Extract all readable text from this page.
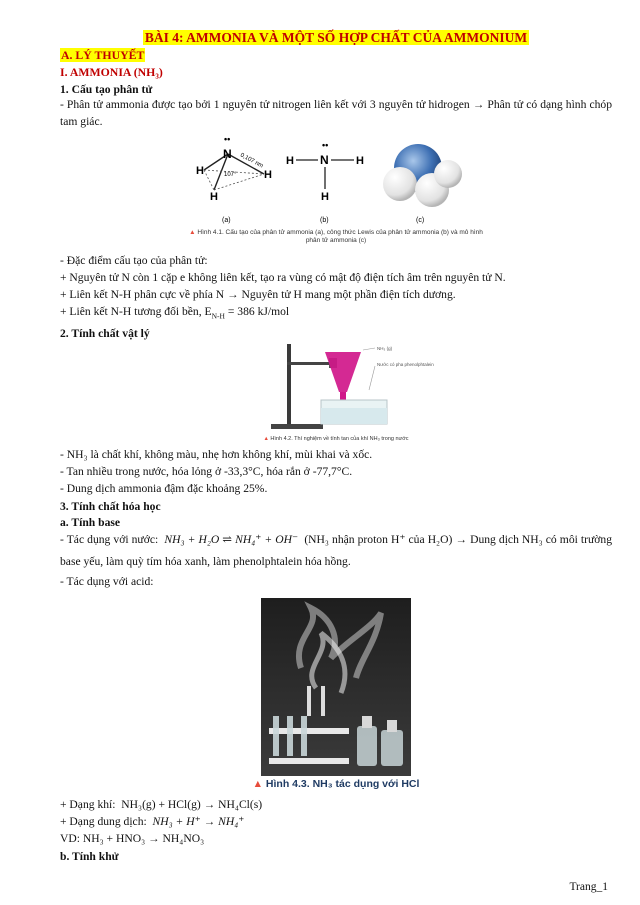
BÀI 4: AMMONIA VÀ MỘT SỐ HỢP CHẤT CỦA AMMONIUM
A. LÝ THUYẾT
I. AMMONIA (NH₃)
1. Cấu tạo phân tử

- Phân tử ammonia được tạo bởi 1 nguyên tử nitrogen liên kết với 3 nguyên tử hidrogen → Phân tử có dạng hình chóp tam giác.

••
N
H
H
H
0,107 nm
107°
(a)
••
N
H	H
H
(b)	(c)
▲ Hình 4.1. Cấu tạo của phân tử ammonia (a), công thức Lewis của phân tử ammonia (b) và mô hình phân tử ammonia (c)

- Đặc điểm cấu tạo của phân tử:

+ Nguyên tử N còn 1 cặp e không liên kết, tạo ra vùng có mật độ điện tích âm trên nguyên tử N.

+ Liên kết N-H phân cực về phía N → Nguyên tử H mang một phần điện tích dương.

+ Liên kết N-H tương đối bền, $E_{N-H} = 386$ kJ/mol

2. Tính chất vật lý
NH₃ (g)
Nước có pha phenolphtalein
▲ Hình 4.2. Thí nghiệm về tính tan của khí NH₃ trong nước

- NH₃ là chất khí, không màu, nhẹ hơn không khí, mùi khai và xốc.

- Tan nhiều trong nước, hóa lỏng ở -33,3°C, hóa rắn ở -77,7°C.

- Dung dịch ammonia đậm đặc khoảng 25%.

3. Tính chất hóa học
a. Tính base

- Tác dụng với nước: NH₃ + H₂O ⇌ NH₄⁺ + OH⁻ (NH₃ nhận proton H⁺ của H₂O) → Dung dịch NH₃ có môi trường base yếu, làm quỳ tím hóa xanh, làm phenolphtalein hóa hồng.

- Tác dụng với acid:

▲ Hình 4.3. NH₃ tác dụng với HCl

+ Dạng khí: NH₃(g) + HCl(g) → NH₄Cl(s)

+ Dạng dung dịch: NH₃ + H⁺ → NH₄⁺

VD: NH₃ + HNO₃ → NH₄NO₃

b. Tính khử
Trang_1
